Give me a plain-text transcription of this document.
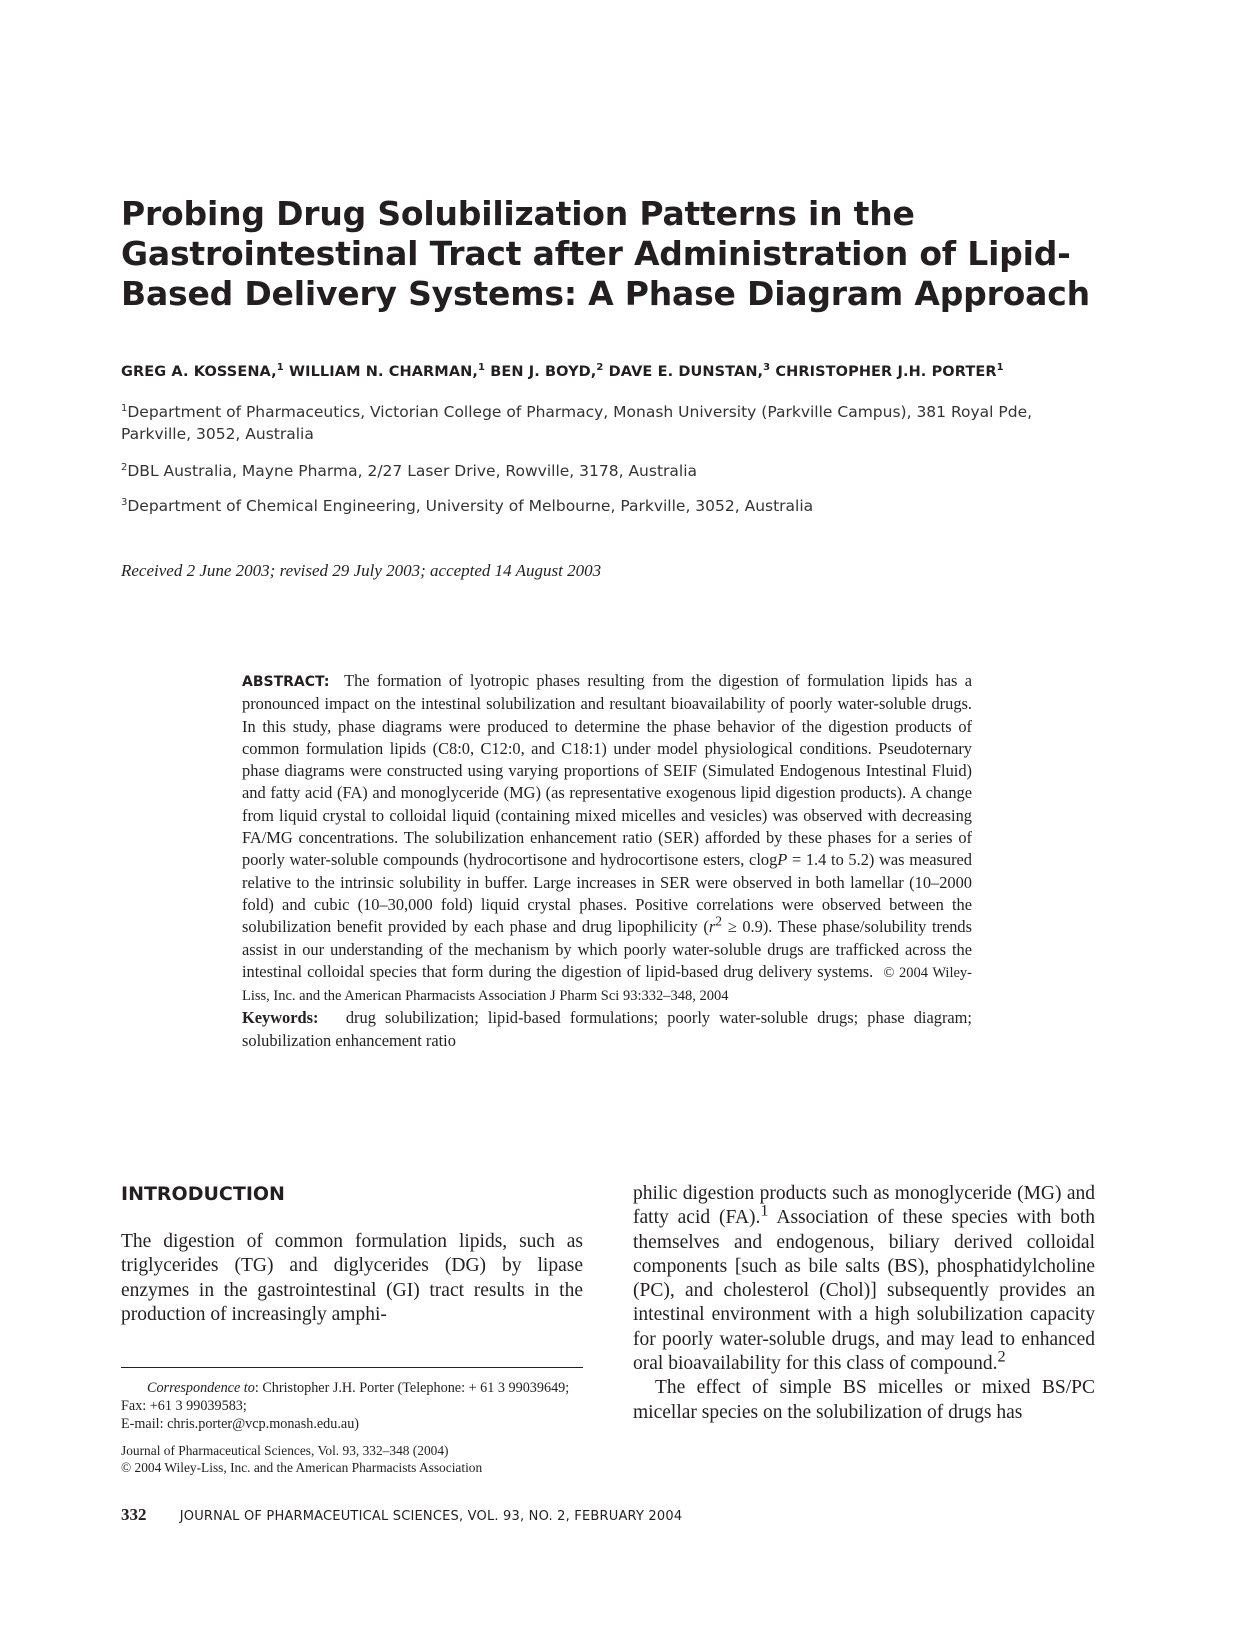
Probing Drug Solubilization Patterns in the Gastrointestinal Tract after Administration of Lipid-Based Delivery Systems: A Phase Diagram Approach
GREG A. KOSSENA,$^1$ WILLIAM N. CHARMAN,$^1$ BEN J. BOYD,$^2$ DAVE E. DUNSTAN,$^3$ CHRISTOPHER J.H. PORTER$^1$
$^1$Department of Pharmaceutics, Victorian College of Pharmacy, Monash University (Parkville Campus), 381 Royal Pde, Parkville, 3052, Australia
$^2$DBL Australia, Mayne Pharma, 2/27 Laser Drive, Rowville, 3178, Australia
$^3$Department of Chemical Engineering, University of Melbourne, Parkville, 3052, Australia
Received 2 June 2003; revised 29 July 2003; accepted 14 August 2003

ABSTRACT: The formation of lyotropic phases resulting from the digestion of formulation lipids has a pronounced impact on the intestinal solubilization and resultant bioavailability of poorly water-soluble drugs. In this study, phase diagrams were produced to determine the phase behavior of the digestion products of common formulation lipids (C8:0, C12:0, and C18:1) under model physiological conditions. Pseudoternary phase diagrams were constructed using varying proportions of SEIF (Simulated Endogenous Intestinal Fluid) and fatty acid (FA) and monoglyceride (MG) (as representative exogenous lipid digestion products). A change from liquid crystal to colloidal liquid (containing mixed micelles and vesicles) was observed with decreasing FA/MG concentrations. The solubilization enhancement ratio (SER) afforded by these phases for a series of poorly water-soluble compounds (hydrocortisone and hydrocortisone esters, clogP = 1.4 to 5.2) was measured relative to the intrinsic solubility in buffer. Large increases in SER were observed in both lamellar (10–2000 fold) and cubic (10–30,000 fold) liquid crystal phases. Positive correlations were observed between the solubilization benefit provided by each phase and drug lipophilicity $(r^2 \ge 0.9)$. These phase/solubility trends assist in our understanding of the mechanism by which poorly water-soluble drugs are trafficked across the intestinal colloidal species that form during the digestion of lipid-based drug delivery systems. © 2004 Wiley-Liss, Inc. and the American Pharmacists Association J Pharm Sci 93:332–348, 2004

Keywords: drug solubilization; lipid-based formulations; poorly water-soluble drugs; phase diagram; solubilization enhancement ratio

INTRODUCTION

The digestion of common formulation lipids, such as triglycerides (TG) and diglycerides (DG) by lipase enzymes in the gastrointestinal (GI) tract results in the production of increasingly amphi-

Correspondence to: Christopher J.H. Porter (Telephone: + 61 3 99039649; Fax: +61 3 99039583;

E-mail: chris.porter@vcp.monash.edu.au)

Journal of Pharmaceutical Sciences, Vol. 93, 332–348 (2004)

© 2004 Wiley-Liss, Inc. and the American Pharmacists Association

philic digestion products such as monoglyceride (MG) and fatty acid (FA).$^1$ Association of these species with both themselves and endogenous, biliary derived colloidal components [such as bile salts (BS), phosphatidylcholine (PC), and cholesterol (Chol)] subsequently provides an intestinal environment with a high solubilization capacity for poorly water-soluble drugs, and may lead to enhanced oral bioavailability for this class of compound.$^2$

The effect of simple BS micelles or mixed BS/PC micellar species on the solubilization of drugs has

332	JOURNAL OF PHARMACEUTICAL SCIENCES, VOL. 93, NO. 2, FEBRUARY 2004
